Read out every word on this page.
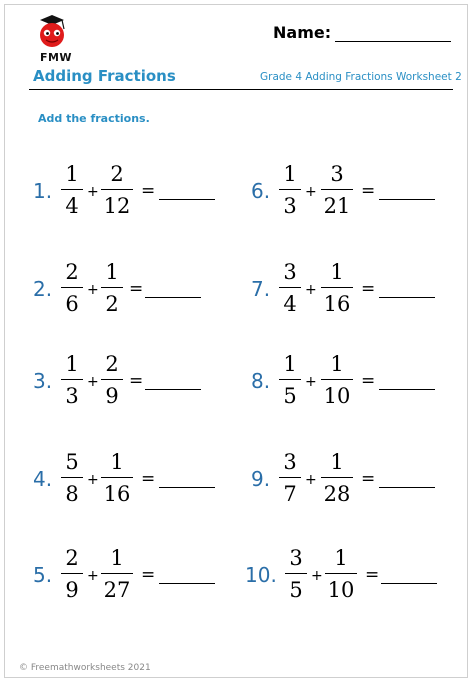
FMW
Name:
Adding Fractions	Grade 4 Adding Fractions Worksheet 2
Add the fractions.
1.
1
4
+
2
12
=
2.
2
6
+
1
2
=
3.
1
3
+
2
9
=
4.
5
8
+
1
16
=
5.
2
9
+
1
27
=
6.
1
3
+
3
21
=
7.
3
4
+
1
16
=
8.
1
5
+
1
10
=
9.
3
7
+
1
28
=
10.
3
5
+
1
10
=
© Freemathworksheets 2021
